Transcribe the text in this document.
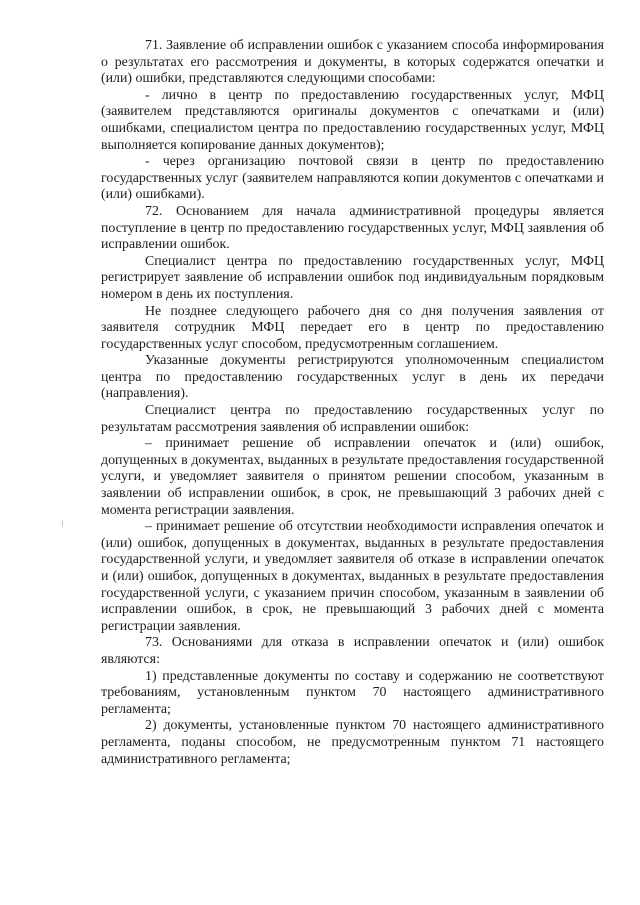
71. Заявление об исправлении ошибок с указанием способа информирования о результатах его рассмотрения и документы, в которых содержатся опечатки и (или) ошибки, представляются следующими способами:

- лично в центр по предоставлению государственных услуг, МФЦ (заявителем представляются оригиналы документов с опечатками и (или) ошибками, специалистом центра по предоставлению государственных услуг, МФЦ выполняется копирование данных документов);

- через организацию почтовой связи в центр по предоставлению государственных услуг (заявителем направляются копии документов с опечатками и (или) ошибками).

72. Основанием для начала административной процедуры является поступление в центр по предоставлению государственных услуг, МФЦ заявления об исправлении ошибок.

Специалист центра по предоставлению государственных услуг, МФЦ регистрирует заявление об исправлении ошибок под индивидуальным порядковым номером в день их поступления.

Не позднее следующего рабочего дня со дня получения заявления от заявителя сотрудник МФЦ передает его в центр по предоставлению государственных услуг способом, предусмотренным соглашением.

Указанные документы регистрируются уполномоченным специалистом центра по предоставлению государственных услуг в день их передачи (направления).

Специалист центра по предоставлению государственных услуг по результатам рассмотрения заявления об исправлении ошибок:

– принимает решение об исправлении опечаток и (или) ошибок, допущенных в документах, выданных в результате предоставления государственной услуги, и уведомляет заявителя о принятом решении способом, указанным в заявлении об исправлении ошибок, в срок, не превышающий 3 рабочих дней с момента регистрации заявления.

– принимает решение об отсутствии необходимости исправления опечаток и (или) ошибок, допущенных в документах, выданных в результате предоставления государственной услуги, и уведомляет заявителя об отказе в исправлении опечаток и (или) ошибок, допущенных в документах, выданных в результате предоставления государственной услуги, с указанием причин способом, указанным в заявлении об исправлении ошибок, в срок, не превышающий 3 рабочих дней с момента регистрации заявления.

73. Основаниями для отказа в исправлении опечаток и (или) ошибок являются:

1) представленные документы по составу и содержанию не соответствуют требованиям, установленным пунктом 70 настоящего административного регламента;

2) документы, установленные пунктом 70 настоящего административного регламента, поданы способом, не предусмотренным пунктом 71 настоящего административного регламента;
